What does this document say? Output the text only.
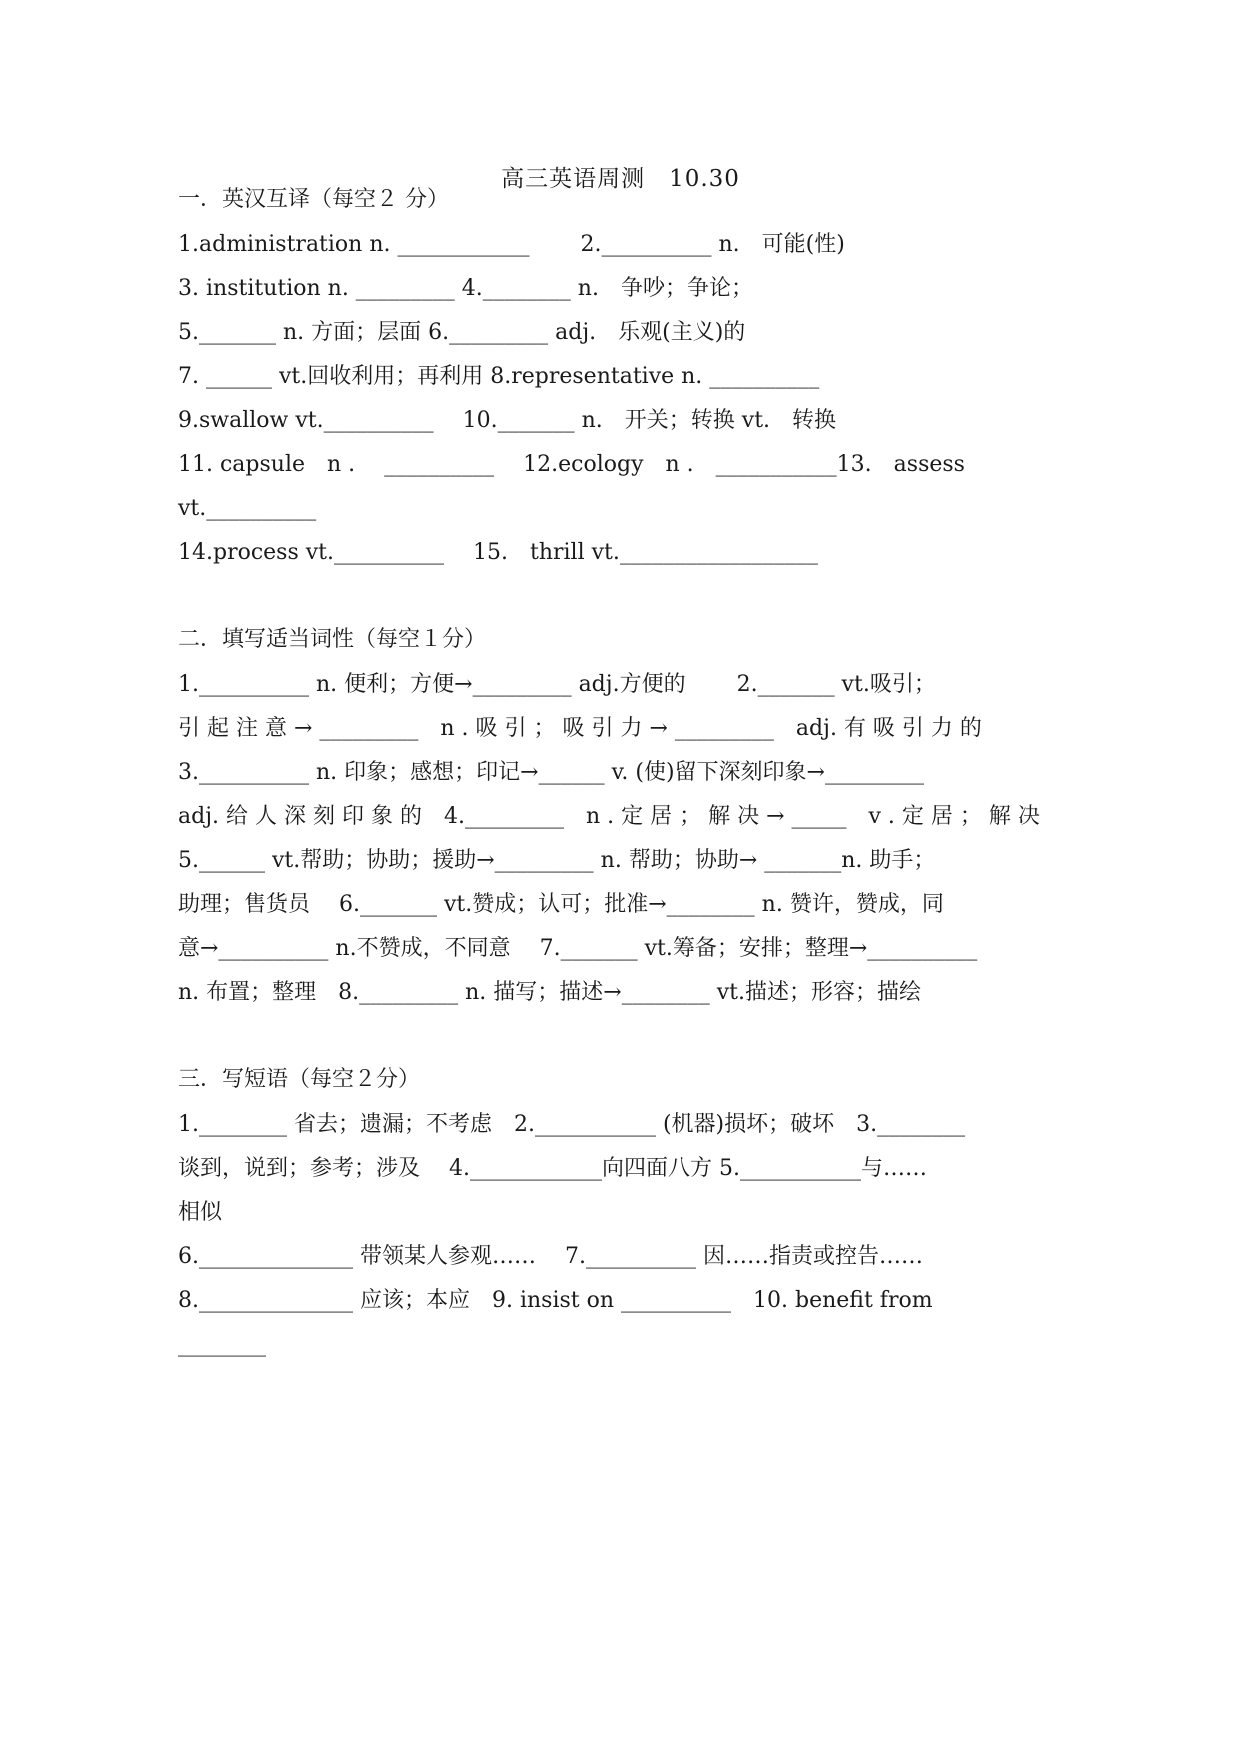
高三英语周测　10.30
一．英汉互译（每空２ 分）
1.administration n. ____________　　 2.__________ n.　可能(性)
3. institution n. _________ 4.________ n.　争吵；争论；
5._______ n. 方面；层面 6._________ adj.　乐观(主义)的
7. ______ vt.回收利用；再利用 8.representative n. __________
9.swallow vt.__________　 10._______ n.　开关；转换 vt.　转换
11. capsule　n .　 __________　 12.ecology　n .　___________13.　assess
vt.__________
14.process vt.__________　 15.　thrill vt.__________________
二．填写适当词性（每空１分）
1.__________ n. 便利；方便→_________ adj.方便的　　 2._______ vt.吸引；
引 起 注 意 → _________　n . 吸 引 ； 吸 引 力 → _________　adj. 有 吸 引 力 的
3.__________ n. 印象；感想；印记→______ v. (使)留下深刻印象→_________
adj. 给 人 深 刻 印 象 的　4._________　n . 定 居 ； 解 决 → _____　v . 定 居 ； 解 决
5.______ vt.帮助；协助；援助→_________ n. 帮助；协助→ _______n. 助手；
助理；售货员　 6._______ vt.赞成；认可；批准→________ n. 赞许，赞成，同
意→__________ n.不赞成，不同意　 7._______ vt.筹备；安排；整理→__________
n. 布置；整理　8._________ n. 描写；描述→________ vt.描述；形容；描绘
三．写短语（每空２分）
1.________ 省去；遗漏；不考虑　2.___________ (机器)损坏；破坏　3.________
谈到，说到；参考；涉及　 4.____________向四面八方 5.___________与……
相似
6.______________ 带领某人参观……　 7.__________ 因……指责或控告……
8.______________ 应该；本应　9. insist on __________　10. benefit from
________
